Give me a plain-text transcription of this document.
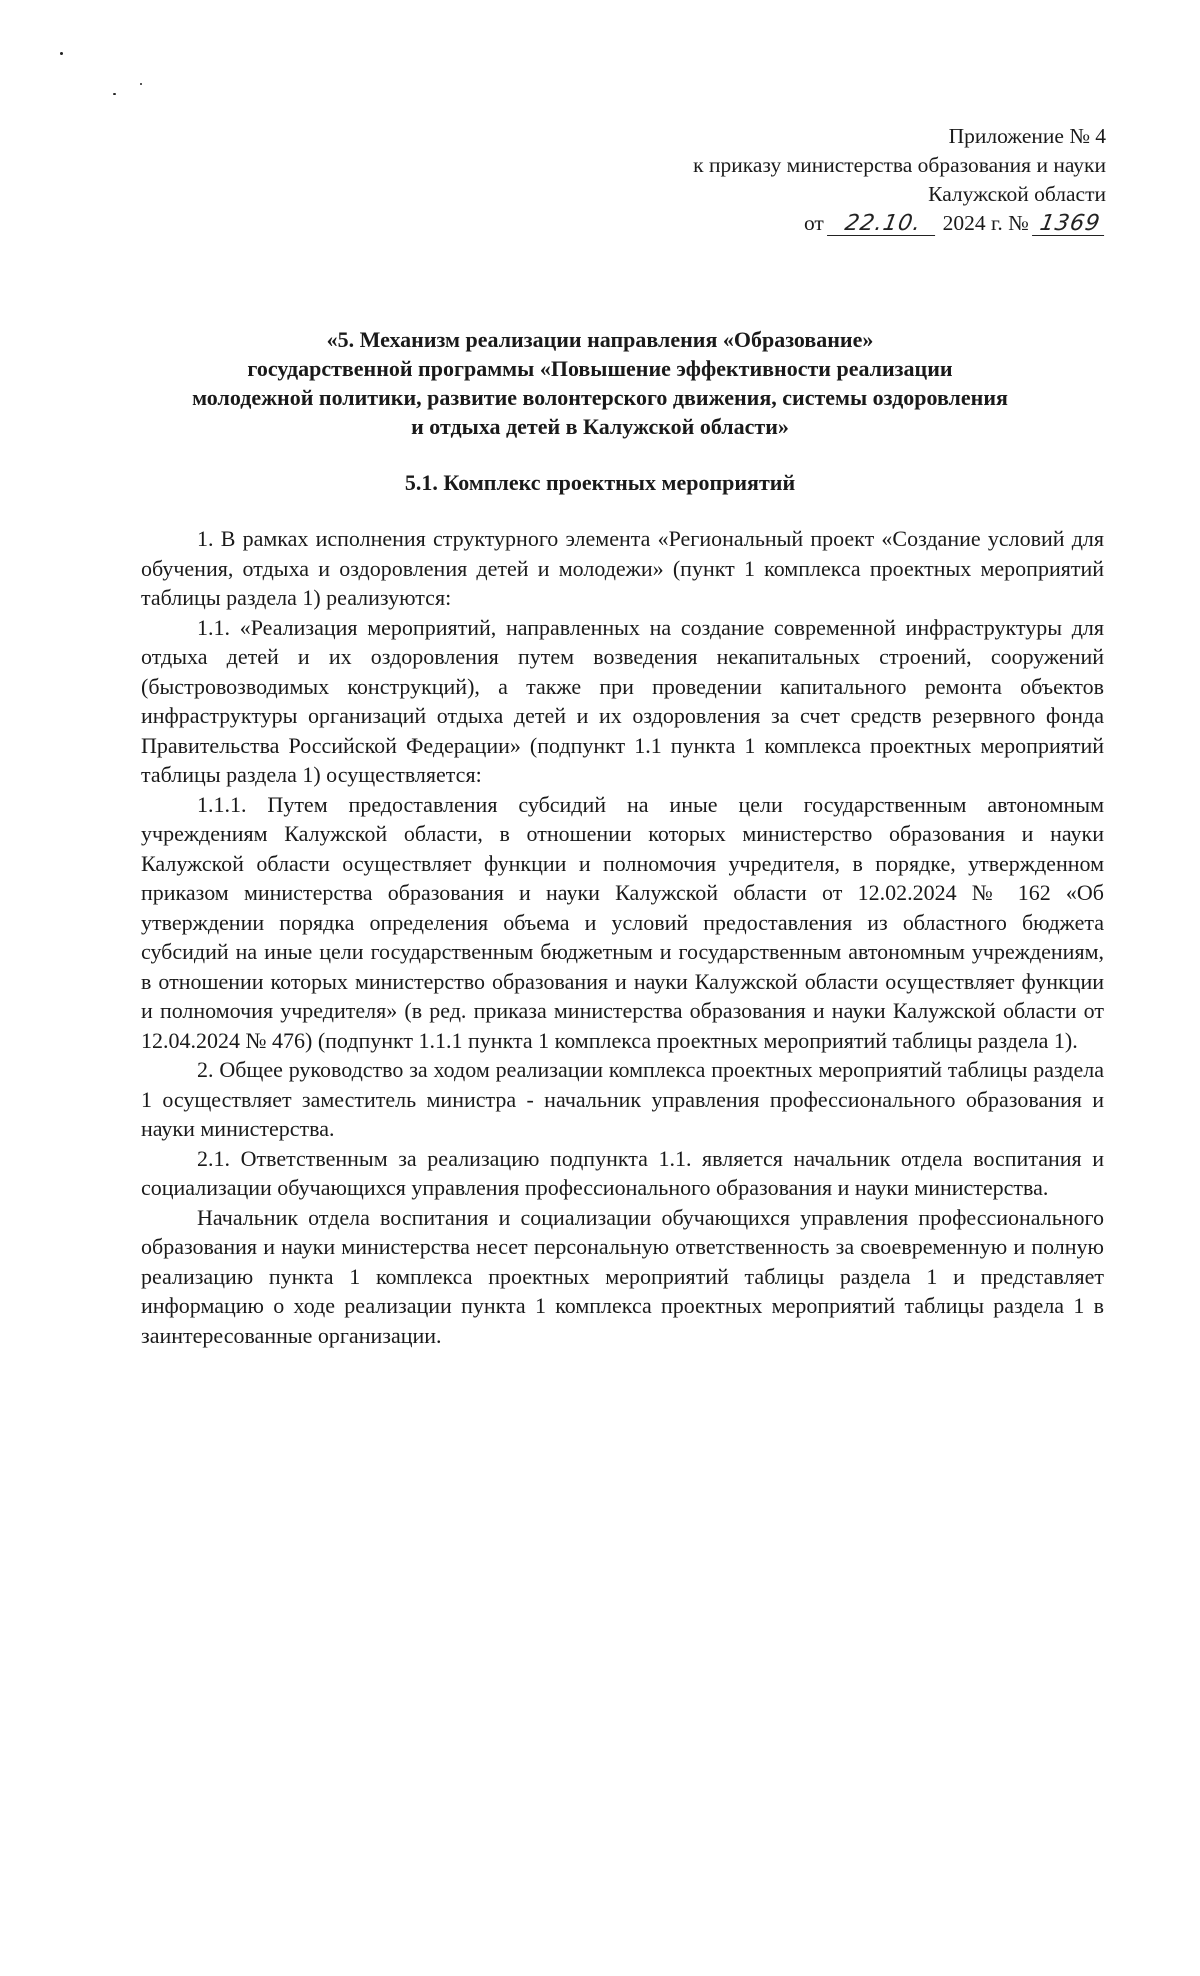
Приложение № 4
к приказу министерства образования и науки
Калужской области
от 22.10. 2024 г. № 1369
«5. Механизм реализации направления «Образование»
государственной программы «Повышение эффективности реализации
молодежной политики, развитие волонтерского движения, системы оздоровления
и отдыха детей в Калужской области»
5.1. Комплекс проектных мероприятий

1. В рамках исполнения структурного элемента «Региональный проект «Создание условий для обучения, отдыха и оздоровления детей и молодежи» (пункт 1 комплекса проектных мероприятий таблицы раздела 1) реализуются:

1.1. «Реализация мероприятий, направленных на создание современной инфраструктуры для отдыха детей и их оздоровления путем возведения некапитальных строений, сооружений (быстровозводимых конструкций), а также при проведении капитального ремонта объектов инфраструктуры организаций отдыха детей и их оздоровления за счет средств резервного фонда Правительства Российской Федерации» (подпункт 1.1 пункта 1 комплекса проектных мероприятий таблицы раздела 1) осуществляется:

1.1.1. Путем предоставления субсидий на иные цели государственным автономным учреждениям Калужской области, в отношении которых министерство образования и науки Калужской области осуществляет функции и полномочия учредителя, в порядке, утвержденном приказом министерства образования и науки Калужской области от 12.02.2024 № 162 «Об утверждении порядка определения объема и условий предоставления из областного бюджета субсидий на иные цели государственным бюджетным и государственным автономным учреждениям, в отношении которых министерство образования и науки Калужской области осуществляет функции и полномочия учредителя» (в ред. приказа министерства образования и науки Калужской области от 12.04.2024 № 476) (подпункт 1.1.1 пункта 1 комплекса проектных мероприятий таблицы раздела 1).

2. Общее руководство за ходом реализации комплекса проектных мероприятий таблицы раздела 1 осуществляет заместитель министра - начальник управления профессионального образования и науки министерства.

2.1. Ответственным за реализацию подпункта 1.1. является начальник отдела воспитания и социализации обучающихся управления профессионального образования и науки министерства.

Начальник отдела воспитания и социализации обучающихся управления профессионального образования и науки министерства несет персональную ответственность за своевременную и полную реализацию пункта 1 комплекса проектных мероприятий таблицы раздела 1 и представляет информацию о ходе реализации пункта 1 комплекса проектных мероприятий таблицы раздела 1 в заинтересованные организации.
